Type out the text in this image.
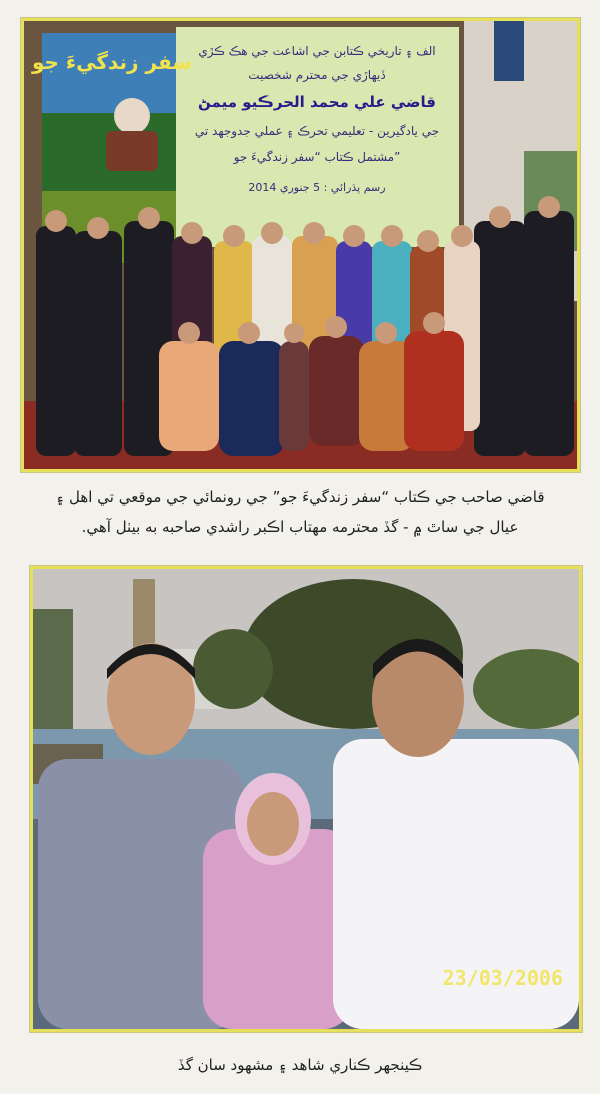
سفر زندگيءَ جو الف ۽ تاريخي ڪتابن جي اشاعت جي هڪ ڪڙي
ڏيهاڙي جي محترم شخصيت
قاضي علي محمد الحرڪيو ميمڻ
جي يادگيرين - تعليمي تحرڪ ۽ عملي جدوجهد تي
مشتمل ڪتاب “سفر زندگيءَ جو”
رسم پڌرائي : 5 جنوري 2014
قاضي صاحب جي ڪتاب “سفر زندگيءَ جو” جي رونمائي جي موقعي تي اهل ۽
عيال جي ساٿ ۾ - گڏ محترمه مهتاب اڪبر راشدي صاحبه به بيٺل آهي.
23/03/2006
ڪينجهر ڪناري شاهد ۽ مشهود سان گڏ
